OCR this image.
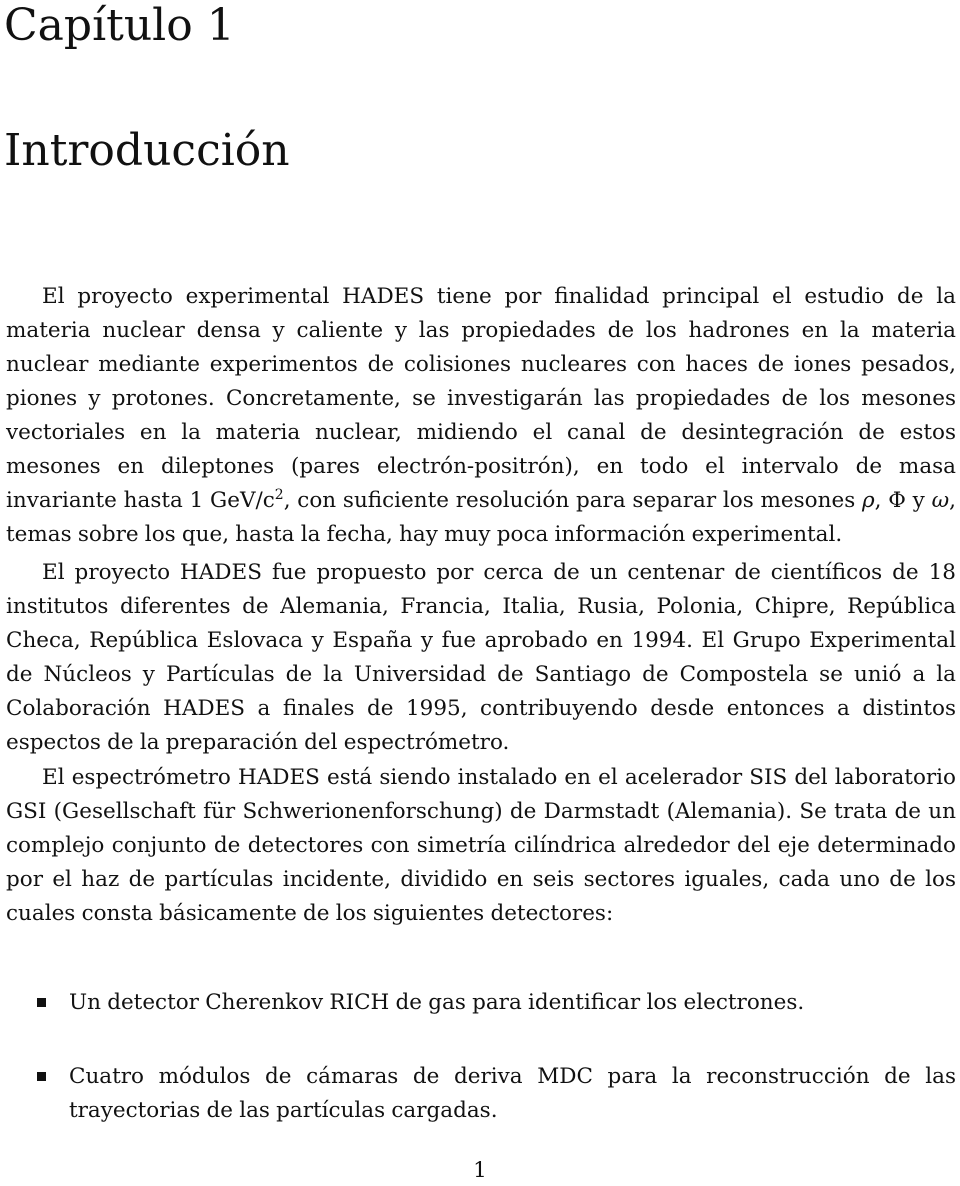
Capítulo 1
Introducción

El proyecto experimental HADES tiene por finalidad principal el estudio de la materia nuclear densa y caliente y las propiedades de los hadrones en la materia nuclear mediante experimentos de colisiones nucleares con haces de iones pesados, piones y protones. Concretamente, se investigarán las propiedades de los mesones vectoriales en la materia nuclear, midiendo el canal de desintegración de estos mesones en dileptones (pares electrón-positrón), en todo el intervalo de masa invariante hasta 1 GeV/$c^2$, con suficiente resolución para separar los mesones ρ, Φ y ω, temas sobre los que, hasta la fecha, hay muy poca información experimental.

El proyecto HADES fue propuesto por cerca de un centenar de científicos de 18 institutos diferentes de Alemania, Francia, Italia, Rusia, Polonia, Chipre, República Checa, República Eslovaca y España y fue aprobado en 1994. El Grupo Experimental de Núcleos y Partículas de la Universidad de Santiago de Compostela se unió a la Colaboración HADES a finales de 1995, contribuyendo desde entonces a distintos espectos de la preparación del espectrómetro.

El espectrómetro HADES está siendo instalado en el acelerador SIS del laboratorio GSI (Gesellschaft für Schwerionenforschung) de Darmstadt (Alemania). Se trata de un complejo conjunto de detectores con simetría cilíndrica alrededor del eje determinado por el haz de partículas incidente, dividido en seis sectores iguales, cada uno de los cuales consta básicamente de los siguientes detectores:

Un detector Cherenkov RICH de gas para identificar los electrones.
Cuatro módulos de cámaras de deriva MDC para la reconstrucción de las trayectorias de las partículas cargadas.
1
